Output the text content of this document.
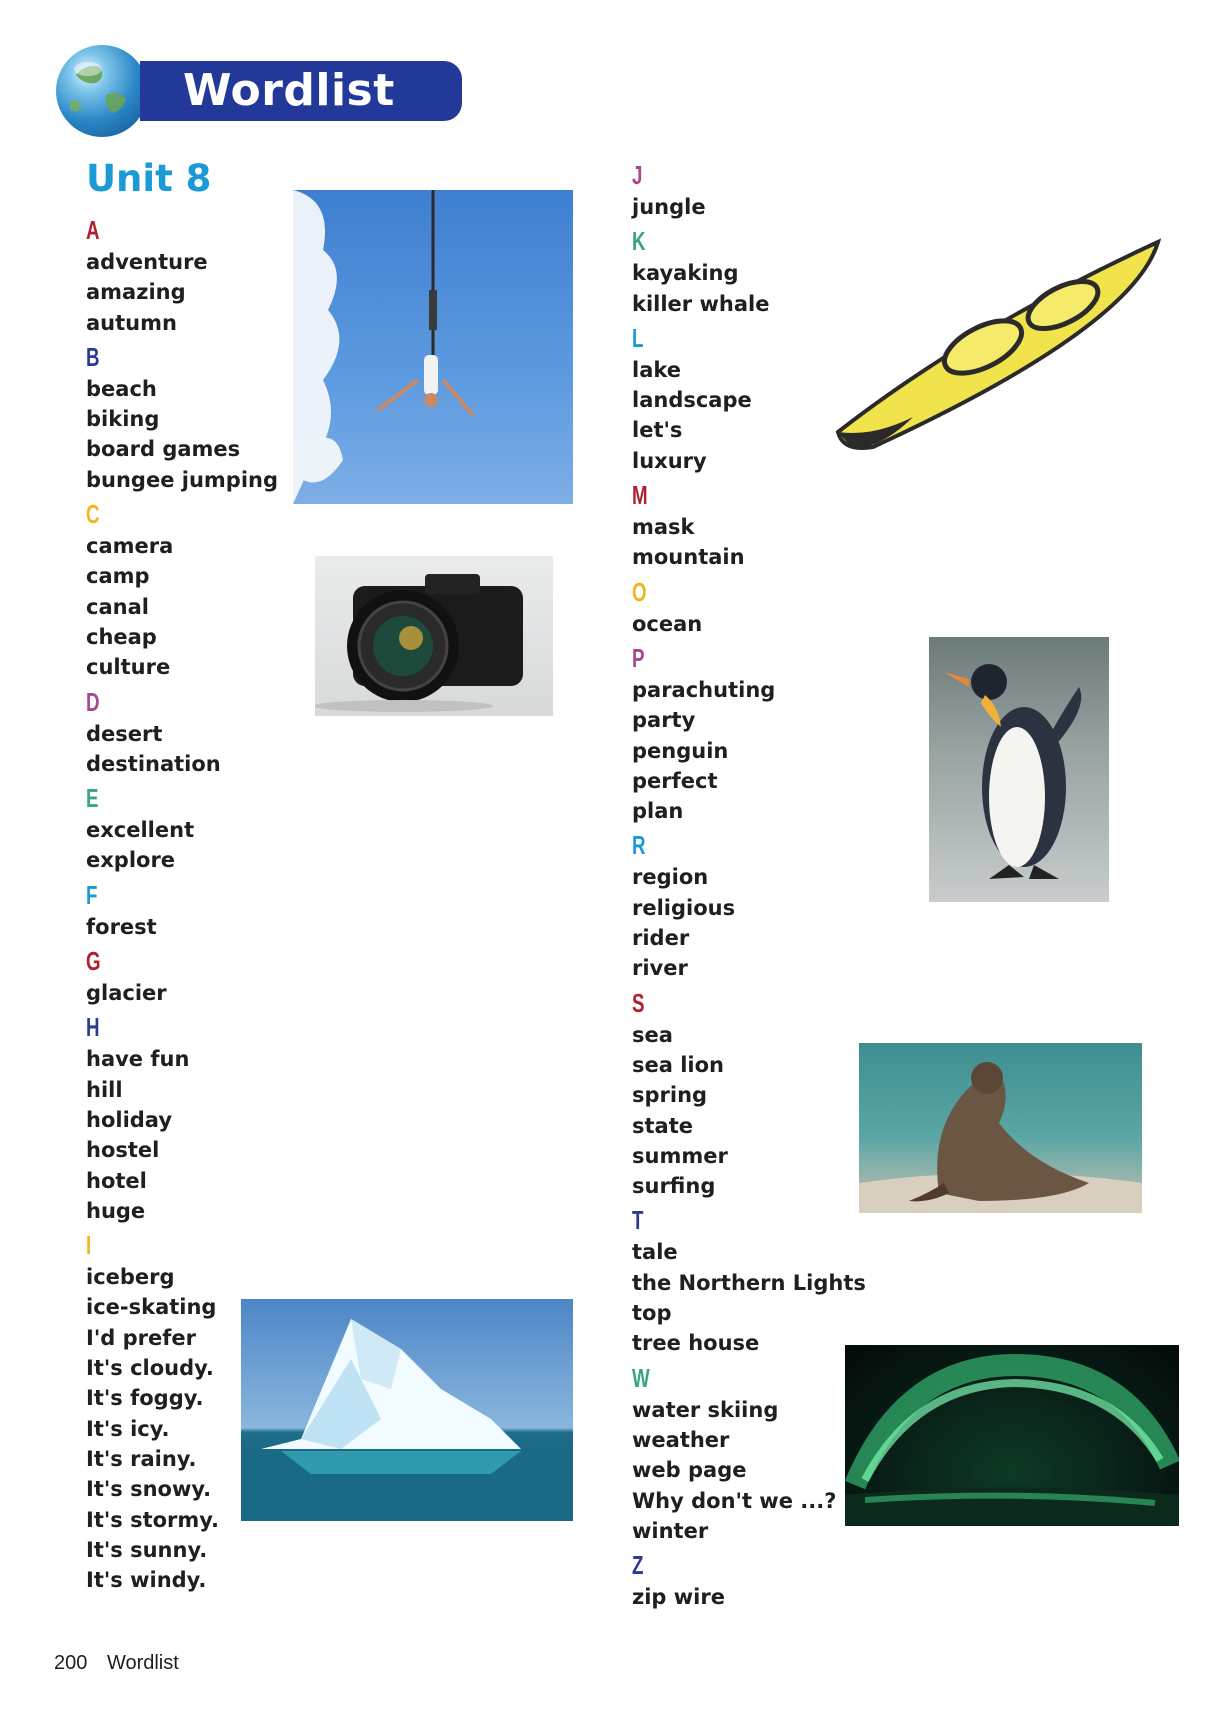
Wordlist
Unit 8
A
adventure
amazing
autumn
B
beach
biking
board games
bungee jumping
C
camera
camp
canal
cheap
culture
D
desert
destination
E
excellent
explore
F
forest
G
glacier
H
have fun
hill
holiday
hostel
hotel
huge
I
iceberg
ice-skating
I'd prefer
It's cloudy.
It's foggy.
It's icy.
It's rainy.
It's snowy.
It's stormy.
It's sunny.
It's windy.
J
jungle
K
kayaking
killer whale
L
lake
landscape
let's
luxury
M
mask
mountain
O
ocean
P
parachuting
party
penguin
perfect
plan
R
region
religious
rider
river
S
sea
sea lion
spring
state
summer
surfing
T
tale
the Northern Lights
top
tree house
W
water skiing
weather
web page
Why don't we ...?
winter
Z
zip wire
200 Wordlist
